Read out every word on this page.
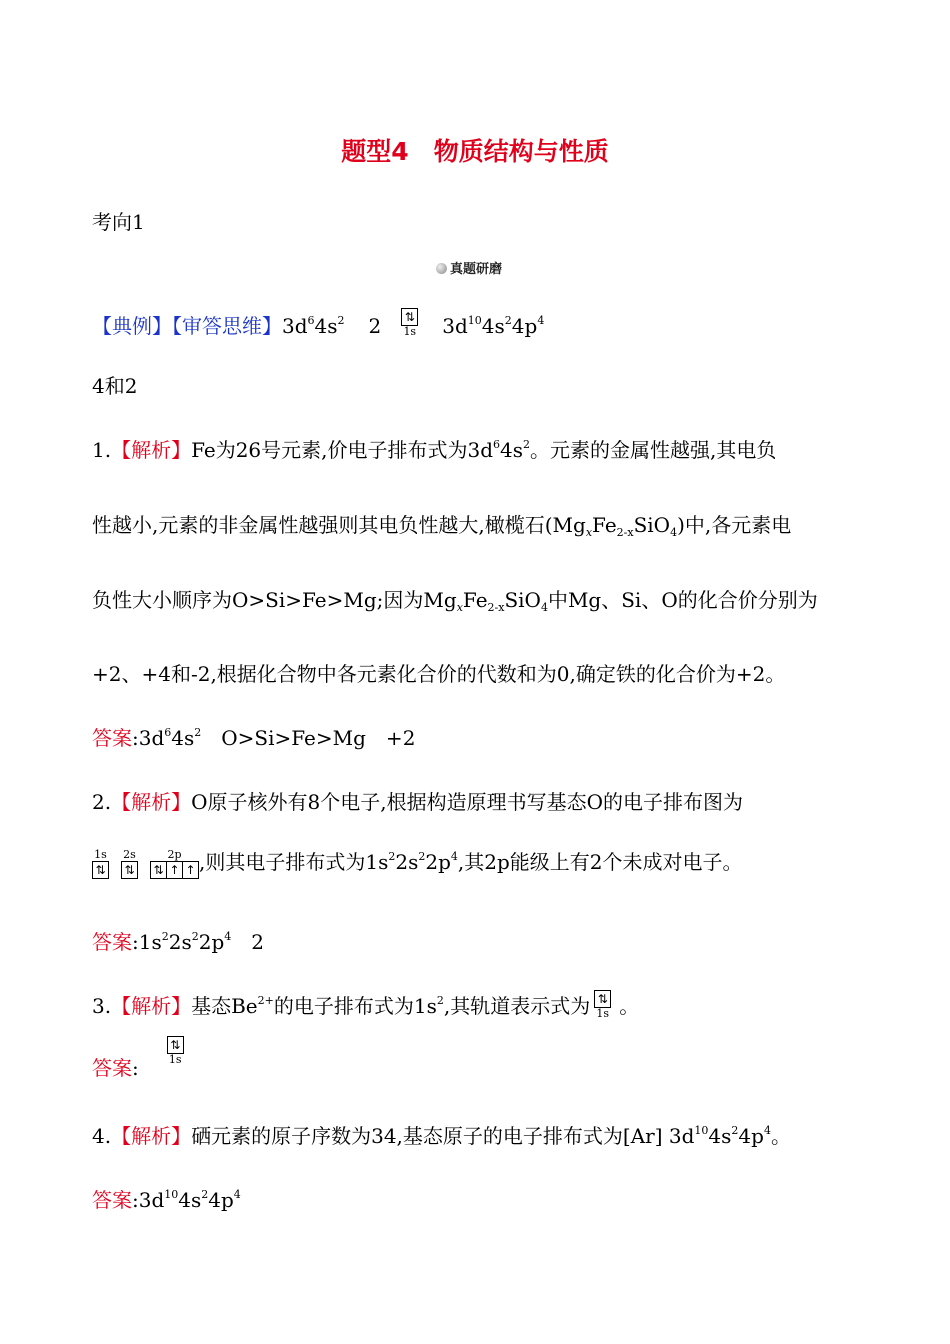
题型4　物质结构与性质
考向1
真题研磨
【典例】【审答思维】$3d^64s^2$ 2 ⇅
1s $3d^{10}4s^24p^4$
4和2
1.【解析】Fe为26号元素,价电子排布式为$3d^64s^2$。元素的金属性越强,其电负
性越小,元素的非金属性越强则其电负性越大,橄榄石$(Mg_xFe_{2-x}SiO_4)$中,各元素电
负性大小顺序为O>Si>Fe>Mg;因为$Mg_xFe_{2-x}SiO_4$中Mg、Si、O的化合价分别为
+2、+4和-2,根据化合物中各元素化合价的代数和为0,确定铁的化合价为+2。
答案$:3d^64s^2$　O>Si>Fe>Mg　+2
2.【解析】O原子核外有8个电子,根据构造原理书写基态O的电子排布图为
1s
⇅
2s
⇅
2p
⇅ ↑ ↑ ,则其电子排布式为$1s^22s^22p^4$,其2p能级上有2个未成对电子。
答案$:1s^22s^22p^4$　2
3.【解析】基态$Be^{2+}$的电子排布式为$1s^2$,其轨道表示式为 ⇅
1s 。
答案:
⇅
1s
4.【解析】硒元素的原子序数为34,基态原子的电子排布式为[Ar] $3d^{10}4s^24p^4$。
答案$:3d^{10}4s^24p^4$
